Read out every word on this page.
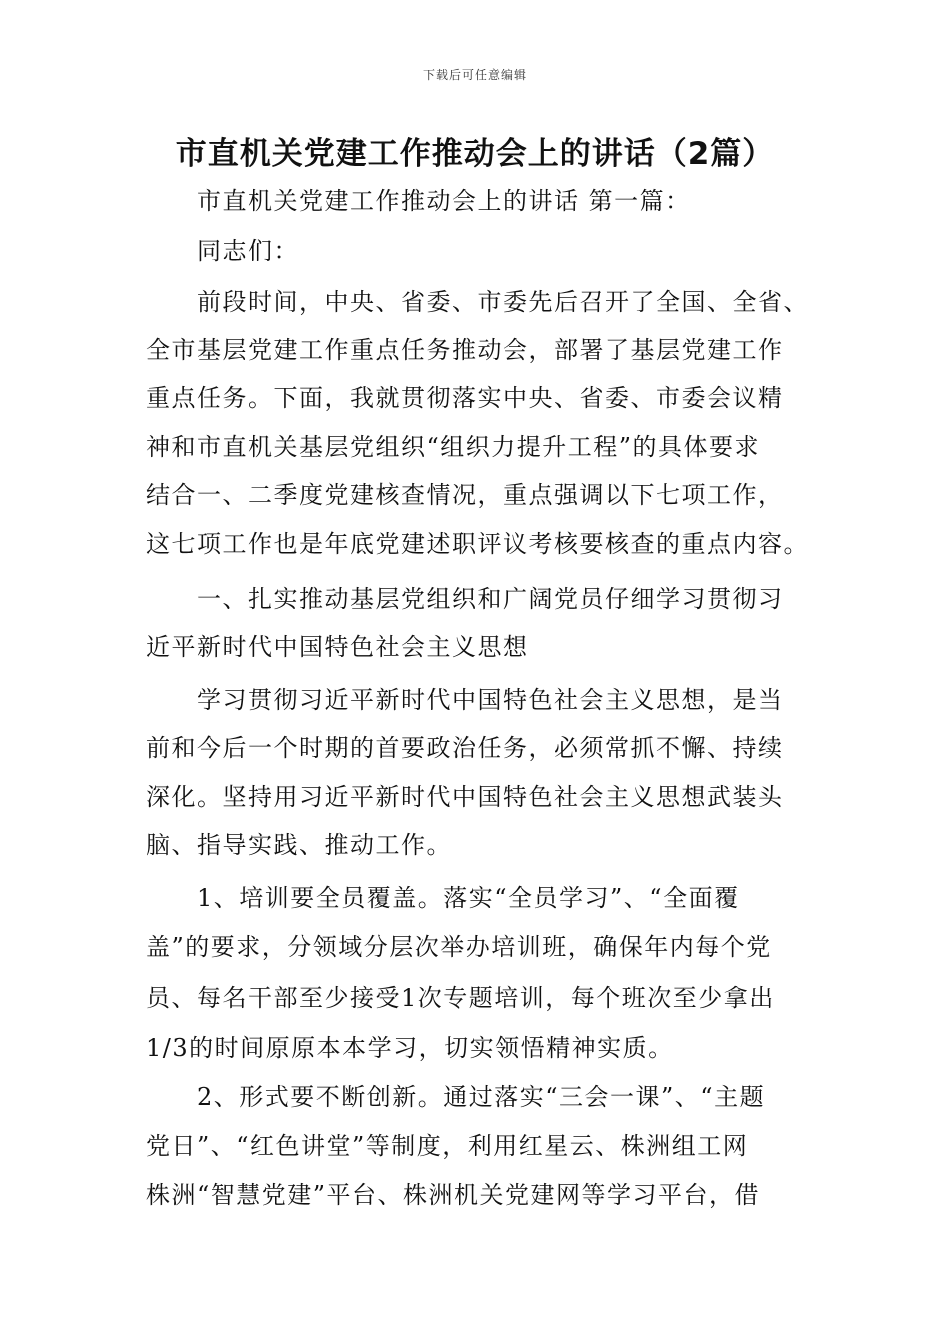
下载后可任意编辑
市直机关党建工作推动会上的讲话（2篇）
市直机关党建工作推动会上的讲话 第一篇：
同志们：
前段时间，中央、省委、市委先后召开了全国、全省、
全市基层党建工作重点任务推动会，部署了基层党建工作
重点任务。下面，我就贯彻落实中央、省委、市委会议精
神和市直机关基层党组织“组织力提升工程”的具体要求
结合一、二季度党建核查情况，重点强调以下七项工作，
这七项工作也是年底党建述职评议考核要核查的重点内容。
一、扎实推动基层党组织和广阔党员仔细学习贯彻习
近平新时代中国特色社会主义思想
学习贯彻习近平新时代中国特色社会主义思想，是当
前和今后一个时期的首要政治任务，必须常抓不懈、持续
深化。坚持用习近平新时代中国特色社会主义思想武装头
脑、指导实践、推动工作。
1、培训要全员覆盖。落实“全员学习”、“全面覆
盖”的要求，分领域分层次举办培训班，确保年内每个党
员、每名干部至少接受1次专题培训，每个班次至少拿出
1/3的时间原原本本学习，切实领悟精神实质。
2、形式要不断创新。通过落实“三会一课”、“主题
党日”、“红色讲堂”等制度，利用红星云、株洲组工网
株洲“智慧党建”平台、株洲机关党建网等学习平台，借
